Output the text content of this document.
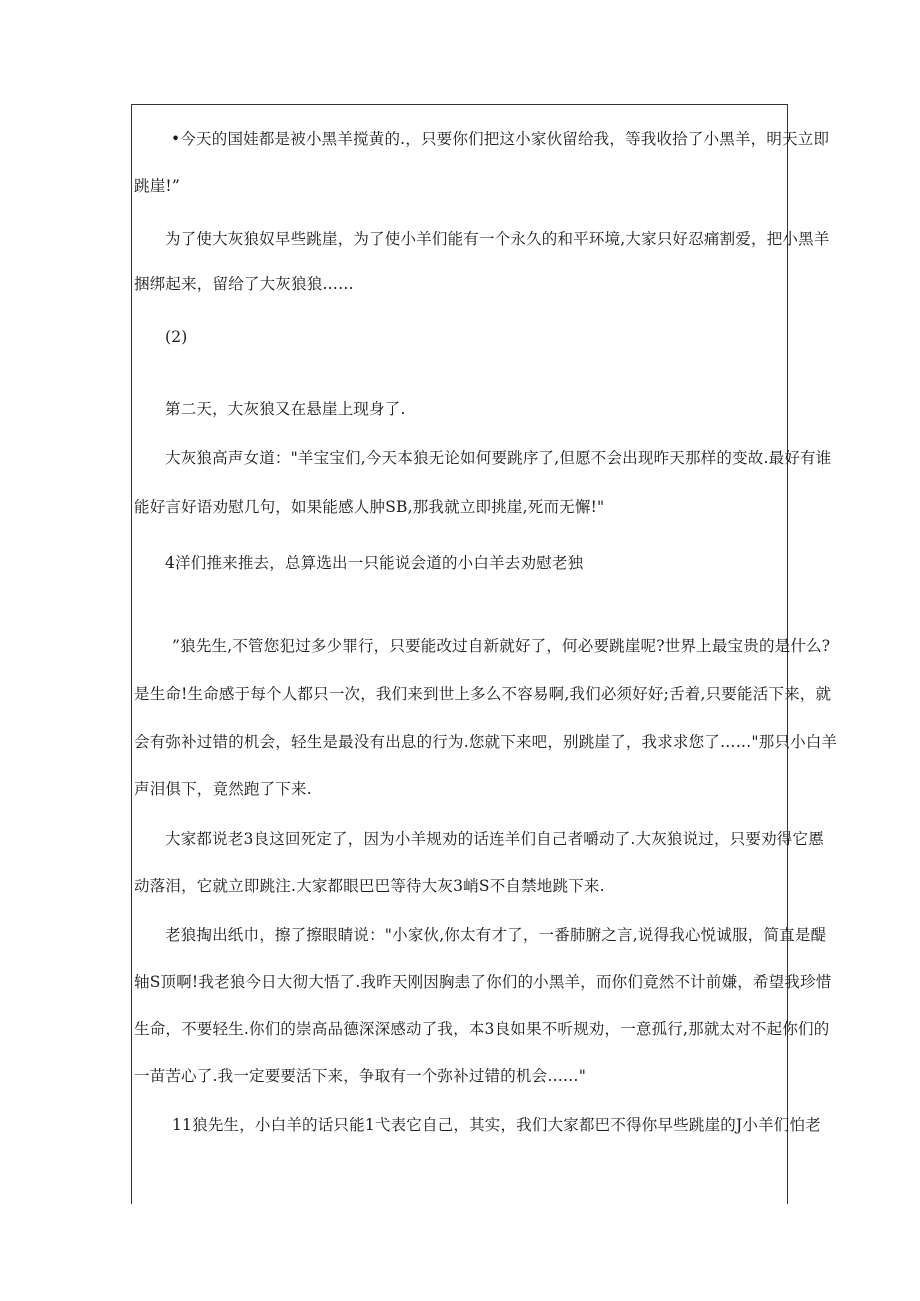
•今天的国娃都是被小黑羊搅黄的.，只要你们把这小家伙留给我，等我收拾了小黑羊，明天立即
跳崖!”
为了使大灰狼奴早些跳崖，为了使小羊们能有一个永久的和平环境,大家只好忍痛割爱，把小黑羊
捆绑起来，留给了大灰狼狼……
(2)
第二天，大灰狼又在悬崖上现身了.
大灰狼高声女道："羊宝宝们,今天本狼无论如何要跳序了,但愿不会出现昨天那样的变故.最好有谁
能好言好语劝慰几句，如果能感人肿SB,那我就立即挑崖,死而无懈!"
4洋们推来推去，总算选出一只能说会道的小白羊去劝慰老独
”狼先生,不管您犯过多少罪行，只要能改过自新就好了，何必要跳崖呢?世界上最宝贵的是什么?
是生命!生命感于每个人都只一次，我们来到世上多么不容易啊,我们必须好好;舌着,只要能活下来，就
会有弥补过错的机会，轻生是最没有出息的行为.您就下来吧，别跳崖了，我求求您了……"那只小白羊
声泪俱下，竟然跑了下来.
大家都说老3良这回死定了，因为小羊规劝的话连羊们自己者嚼动了.大灰狼说过，只要劝得它慝
动落泪，它就立即跳注.大家都眼巴巴等待大灰3峭S不自禁地跳下来.
老狼掏出纸巾，擦了擦眼睛说："小家伙,你太有才了，一番肺腑之言,说得我心悦诚服，简直是醍
轴S顶啊!我老狼今日大彻大悟了.我昨天刚因胸恚了你们的小黑羊，而你们竟然不计前嫌，希望我珍惜
生命，不要轻生.你们的崇高品德深深感动了我，本3良如果不听规劝，一意孤行,那就太对不起你们的
一苗苦心了.我一定要要活下来，争取有一个弥补过错的机会……"
11狼先生，小白羊的话只能1弋表它自己，其实，我们大家都巴不得你早些跳崖的J小羊们怕老
